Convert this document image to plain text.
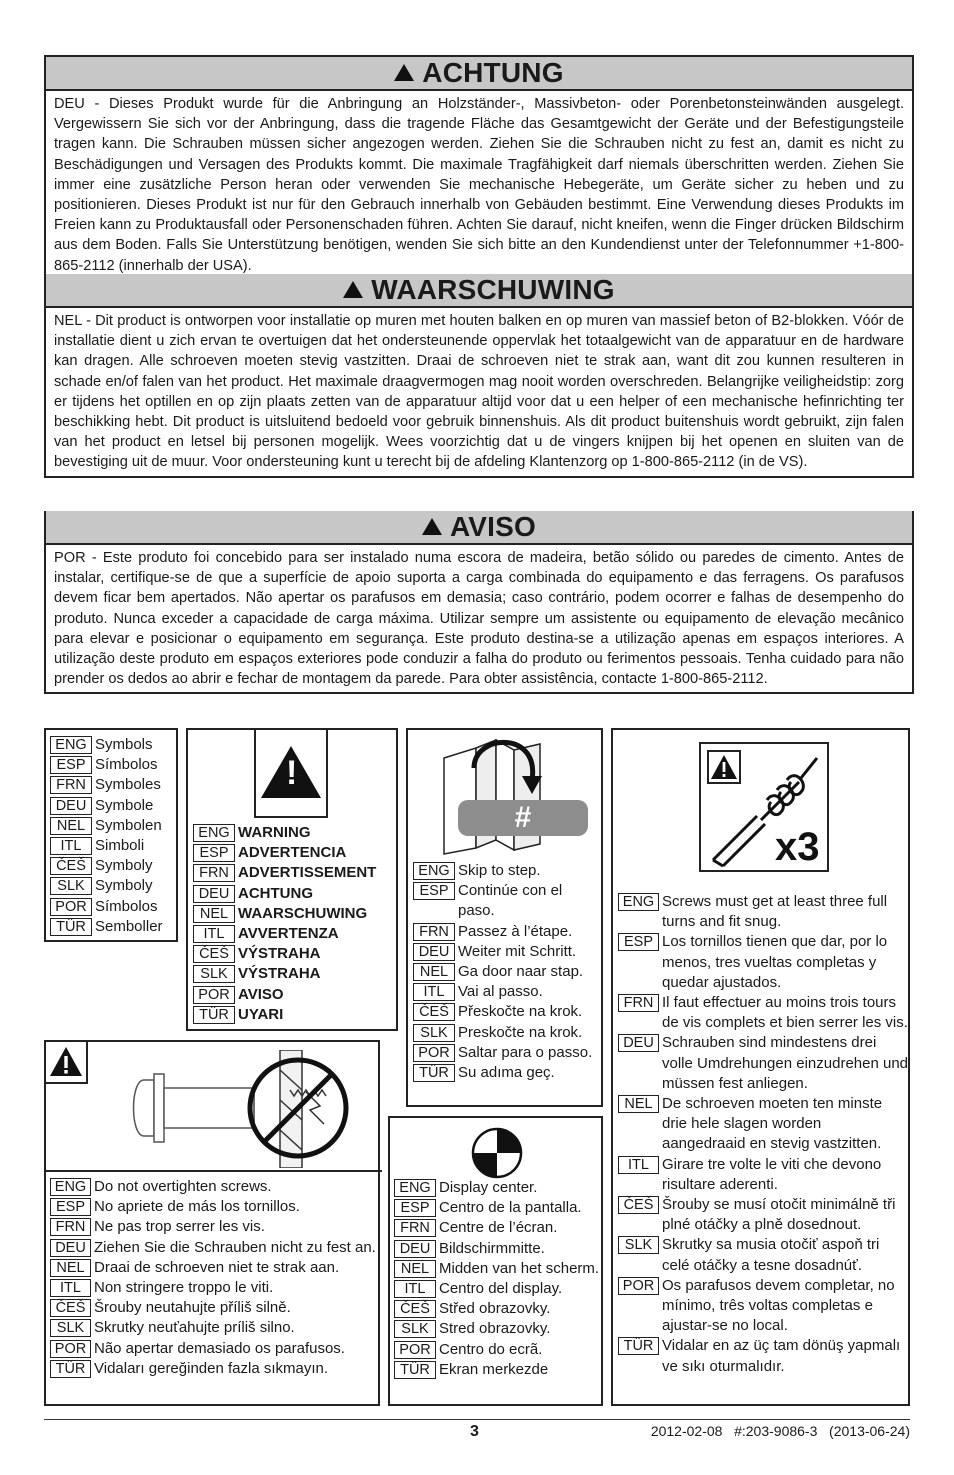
ACHTUNG
DEU - Dieses Produkt wurde für die Anbringung an Holzständer-, Massivbeton- oder Porenbetonsteinwänden ausgelegt. Vergewissern Sie sich vor der Anbringung, dass die tragende Fläche das Gesamtgewicht der Geräte und der Befestigungsteile tragen kann. Die Schrauben müssen sicher angezogen werden. Ziehen Sie die Schrauben nicht zu fest an, damit es nicht zu Beschädigungen und Versagen des Produkts kommt. Die maximale Tragfähigkeit darf niemals überschritten werden. Ziehen Sie immer eine zusätzliche Person heran oder verwenden Sie mechanische Hebegeräte, um Geräte sicher zu heben und zu positionieren. Dieses Produkt ist nur für den Gebrauch innerhalb von Gebäuden bestimmt. Eine Verwendung dieses Produkts im Freien kann zu Produktausfall oder Personenschaden führen. Achten Sie darauf, nicht kneifen, wenn die Finger drücken Bildschirm aus dem Boden. Falls Sie Unterstützung benötigen, wenden Sie sich bitte an den Kundendienst unter der Telefonnummer +1-800-865-2112 (innerhalb der USA).
WAARSCHUWING
NEL - Dit product is ontworpen voor installatie op muren met houten balken en op muren van massief beton of B2-blokken. Vóór de installatie dient u zich ervan te overtuigen dat het ondersteunende oppervlak het totaalgewicht van de apparatuur en de hardware kan dragen. Alle schroeven moeten stevig vastzitten. Draai de schroeven niet te strak aan, want dit zou kunnen resulteren in schade en/of falen van het product. Het maximale draagvermogen mag nooit worden overschreden. Belangrijke veiligheidstip: zorg er tijdens het optillen en op zijn plaats zetten van de apparatuur altijd voor dat u een helper of een mechanische hefinrichting ter beschikking hebt. Dit product is uitsluitend bedoeld voor gebruik binnenshuis. Als dit product buitenshuis wordt gebruikt, zijn falen van het product en letsel bij personen mogelijk. Wees voorzichtig dat u de vingers knijpen bij het openen en sluiten van de bevestiging uit de muur. Voor ondersteuning kunt u terecht bij de afdeling Klantenzorg op 1-800-865-2112 (in de VS).
AVISO
POR - Este produto foi concebido para ser instalado numa escora de madeira, betão sólido ou paredes de cimento. Antes de instalar, certifique-se de que a superfície de apoio suporta a carga combinada do equipamento e das ferragens. Os parafusos devem ficar bem apertados. Não apertar os parafusos em demasia; caso contrário, podem ocorrer e falhas de desempenho do produto. Nunca exceder a capacidade de carga máxima. Utilizar sempre um assistente ou equipamento de elevação mecânico para elevar e posicionar o equipamento em segurança. Este produto destina-se a utilização apenas em espaços interiores. A utilização deste produto em espaços exteriores pode conduzir a falha do produto ou ferimentos pessoais. Tenha cuidado para não prender os dedos ao abrir e fechar de montagem da parede. Para obter assistência, contacte 1-800-865-2112.
ENG Symbols
ESP Símbolos
FRN Symboles
DEU Symbole
NEL Symbolen
ITL Simboli
ČEŠ Symboly
SLK Symboly
POR Símbolos
TÜR Semboller
!
ENG WARNING
ESP ADVERTENCIA
FRN ADVERTISSEMENT
DEU ACHTUNG
NEL WAARSCHUWING
ITL AVVERTENZA
ČEŠ VÝSTRAHA
SLK VÝSTRAHA
POR AVISO
TÜR UYARI
#
ENG Skip to step.
ESP Continúe con el paso.
FRN Passez à l’étape.
DEU Weiter mit Schritt.
NEL Ga door naar stap.
ITL Vai al passo.
ČEŠ Přeskočte na krok.
SLK Preskočte na krok.
POR Saltar para o passo.
TÜR Su adıma geç.
x3
ENG Screws must get at least three full turns and fit snug.
ESP Los tornillos tienen que dar, por lo menos, tres vueltas completas y quedar ajustados.
FRN Il faut effectuer au moins trois tours de vis complets et bien serrer les vis.
DEU Schrauben sind mindestens drei volle Umdrehungen einzudrehen und müssen fest anliegen.
NEL De schroeven moeten ten minste drie hele slagen worden aangedraaid en stevig vastzitten.
ITL Girare tre volte le viti che devono risultare aderenti.
ČEŠ Šrouby se musí otočit minimálně tři plné otáčky a plně dosednout.
SLK Skrutky sa musia otočiť aspoň tri celé otáčky a tesne dosadnúť.
POR Os parafusos devem completar, no mínimo, três voltas completas e ajustar-se no local.
TÜR Vidalar en az üç tam dönüş yapmalı ve sıkı oturmalıdır.
ENG Do not overtighten screws.
ESP No apriete de más los tornillos.
FRN Ne pas trop serrer les vis.
DEU Ziehen Sie die Schrauben nicht zu fest an.
NEL Draai de schroeven niet te strak aan.
ITL Non stringere troppo le viti.
ČEŠ Šrouby neutahujte příliš silně.
SLK Skrutky neuťahujte príliš silno.
POR Não apertar demasiado os parafusos.
TÜR Vidaları gereğinden fazla sıkmayın.
ENG Display center.
ESP Centro de la pantalla.
FRN Centre de l’écran.
DEU Bildschirmmitte.
NEL Midden van het scherm.
ITL Centro del display.
ČEŠ Střed obrazovky.
SLK Stred obrazovky.
POR Centro do ecrã.
TÜR Ekran merkezde
3	2012-02-08   #:203-9086-3   (2013-06-24)
